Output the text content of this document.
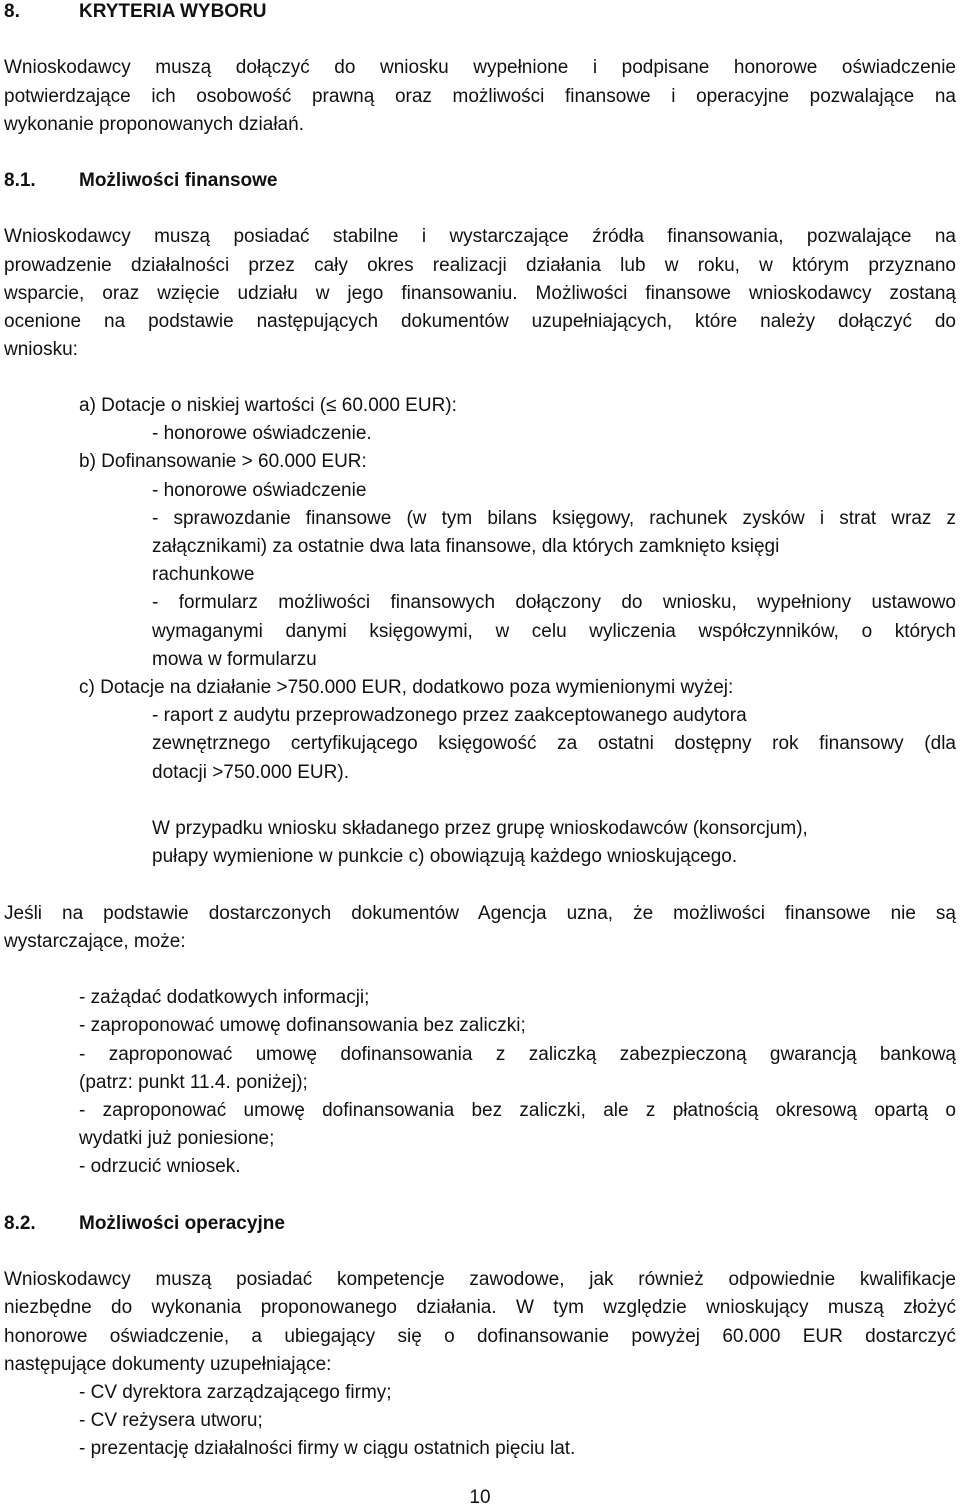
8.	KRYTERIA WYBORU
Wnioskodawcy muszą dołączyć do wniosku wypełnione i podpisane honorowe oświadczenie
potwierdzające ich osobowość prawną oraz możliwości finansowe i operacyjne pozwalające na
wykonanie proponowanych działań.
8.1. Możliwości finansowe
Wnioskodawcy muszą posiadać stabilne i wystarczające źródła finansowania, pozwalające na
prowadzenie działalności przez cały okres realizacji działania lub w roku, w którym przyznano
wsparcie, oraz wzięcie udziału w jego finansowaniu. Możliwości finansowe wnioskodawcy zostaną
ocenione na podstawie następujących dokumentów uzupełniających, które należy dołączyć do
wniosku:
a) Dotacje o niskiej wartości (≤ 60.000 EUR):
- honorowe oświadczenie.
b) Dofinansowanie > 60.000 EUR:
- honorowe oświadczenie
- sprawozdanie finansowe (w tym bilans księgowy, rachunek zysków i strat wraz z
załącznikami) za ostatnie dwa lata finansowe, dla których zamknięto księgi
rachunkowe
- formularz możliwości finansowych dołączony do wniosku, wypełniony ustawowo
wymaganymi danymi księgowymi, w celu wyliczenia współczynników, o których
mowa w formularzu
c) Dotacje na działanie >750.000 EUR, dodatkowo poza wymienionymi wyżej:
- raport z audytu przeprowadzonego przez zaakceptowanego audytora
zewnętrznego certyfikującego księgowość za ostatni dostępny rok finansowy (dla
dotacji >750.000 EUR).
W przypadku wniosku składanego przez grupę wnioskodawców (konsorcjum),
pułapy wymienione w punkcie c) obowiązują każdego wnioskującego.
Jeśli na podstawie dostarczonych dokumentów Agencja uzna, że możliwości finansowe nie są
wystarczające, może:
- zażądać dodatkowych informacji;
- zaproponować umowę dofinansowania bez zaliczki;
- zaproponować umowę dofinansowania z zaliczką zabezpieczoną gwarancją bankową
(patrz: punkt 11.4. poniżej);
- zaproponować umowę dofinansowania bez zaliczki, ale z płatnością okresową opartą o
wydatki już poniesione;
- odrzucić wniosek.
8.2. Możliwości operacyjne
Wnioskodawcy muszą posiadać kompetencje zawodowe, jak również odpowiednie kwalifikacje
niezbędne do wykonania proponowanego działania. W tym względzie wnioskujący muszą złożyć
honorowe oświadczenie, a ubiegający się o dofinansowanie powyżej 60.000 EUR dostarczyć
następujące dokumenty uzupełniające:
- CV dyrektora zarządzającego firmy;
- CV reżysera utworu;
- prezentację działalności firmy w ciągu ostatnich pięciu lat.
10
